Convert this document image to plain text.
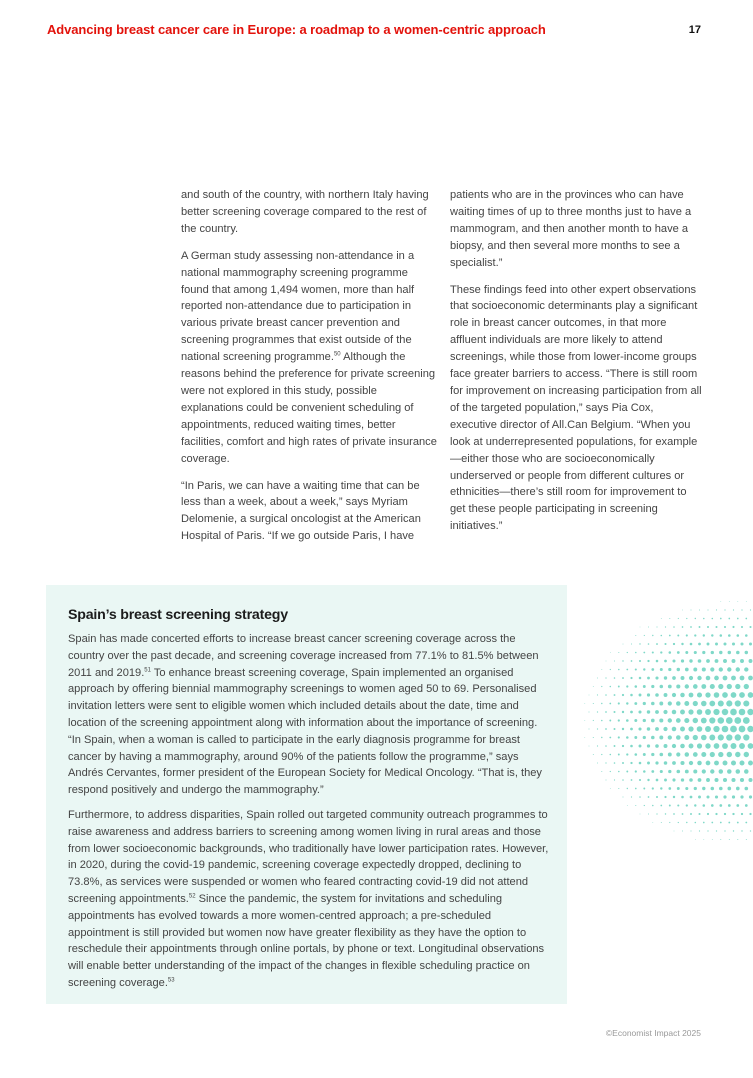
Advancing breast cancer care in Europe: a roadmap to a women-centric approach	17

and south of the country, with northern Italy having better screening coverage compared to the rest of the country.

A German study assessing non-attendance in a national mammography screening programme found that among 1,494 women, more than half reported non-attendance due to participation in various private breast cancer prevention and screening programmes that exist outside of the national screening programme.$^{50}$ Although the reasons behind the preference for private screening were not explored in this study, possible explanations could be convenient scheduling of appointments, reduced waiting times, better facilities, comfort and high rates of private insurance coverage.

“In Paris, we can have a waiting time that can be less than a week, about a week,” says Myriam Delomenie, a surgical oncologist at the American Hospital of Paris. “If we go outside Paris, I have

patients who are in the provinces who can have waiting times of up to three months just to have a mammogram, and then another month to have a biopsy, and then several more months to see a specialist.”

These findings feed into other expert observations that socioeconomic determinants play a significant role in breast cancer outcomes, in that more affluent individuals are more likely to attend screenings, while those from lower-income groups face greater barriers to access. “There is still room for improvement on increasing participation from all of the targeted population,” says Pia Cox, executive director of All.Can Belgium. “When you look at underrepresented populations, for example—either those who are socioeconomically underserved or people from different cultures or ethnicities—there’s still room for improvement to get these people participating in screening initiatives.”

Spain’s breast screening strategy

Spain has made concerted efforts to increase breast cancer screening coverage across the country over the past decade, and screening coverage increased from 77.1% to 81.5% between 2011 and 2019.51 To enhance breast screening coverage, Spain implemented an organised approach by offering biennial mammography screenings to women aged 50 to 69. Personalised invitation letters were sent to eligible women which included details about the date, time and location of the screening appointment along with information about the importance of screening. “In Spain, when a woman is called to participate in the early diagnosis programme for breast cancer by having a mammography, around 90% of the patients follow the programme,” says Andrés Cervantes, former president of the European Society for Medical Oncology. “That is, they respond positively and undergo the mammography.”

Furthermore, to address disparities, Spain rolled out targeted community outreach programmes to raise awareness and address barriers to screening among women living in rural areas and those from lower socioeconomic backgrounds, who traditionally have lower participation rates. However, in 2020, during the covid-19 pandemic, screening coverage expectedly dropped, declining to 73.8%, as services were suspended or women who feared contracting covid-19 did not attend screening appointments.$^{52}$ Since the pandemic, the system for invitations and scheduling appointments has evolved towards a more women-centred approach; a pre-scheduled appointment is still provided but women now have greater flexibility as they have the option to reschedule their appointments through online portals, by phone or text. Longitudinal observations will enable better understanding of the impact of the changes in flexible scheduling practice on screening coverage.$^{53}$

©Economist Impact 2025
